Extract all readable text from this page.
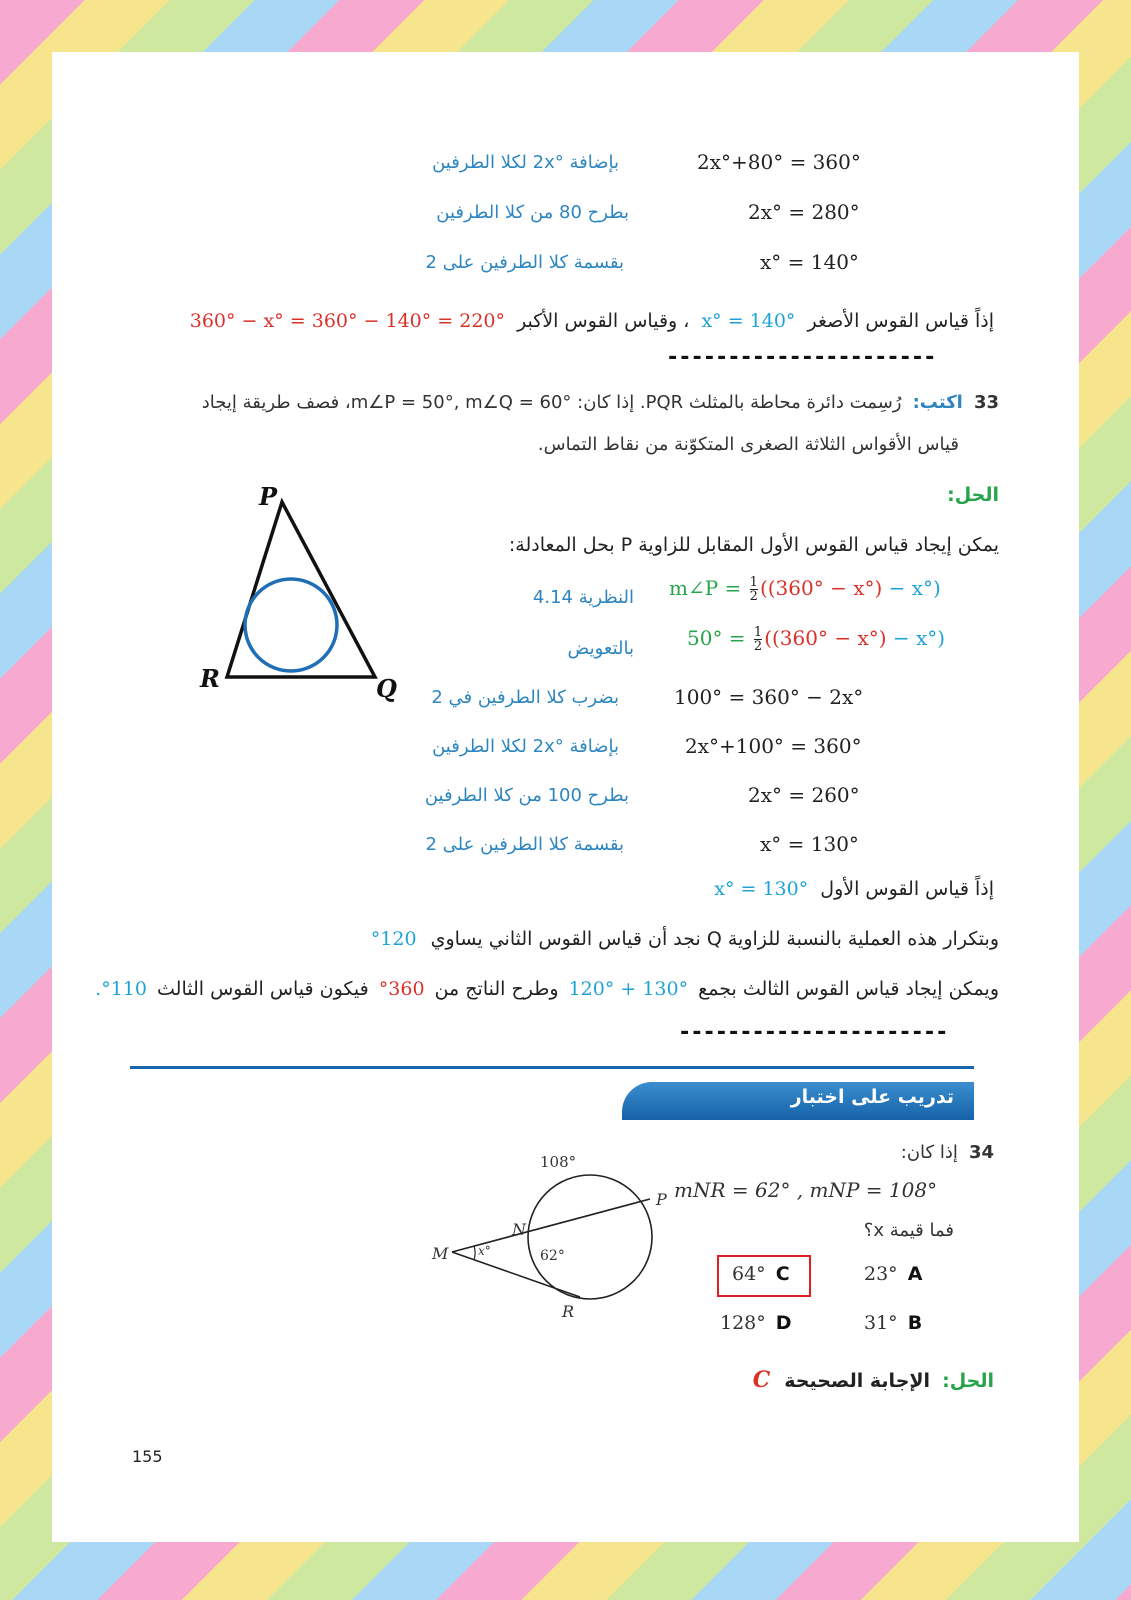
2x°+80° = 360°
بإضافة °2x لكلا الطرفين
2x° = 280°
بطرح 80 من كلا الطرفين
x° = 140°
بقسمة كلا الطرفين على 2
إذاً قياس القوس الأصغر x° = 140° ، وقياس القوس الأكبر 360° − x° = 360° − 140° = 220°
----------------------
33 اكتب: رُسِمت دائرة محاطة بالمثلث PQR. إذا كان: m∠P = 50°, m∠Q = 60°، فصف طريقة إيجاد
قياس الأقواس الثلاثة الصغرى المتكوّنة من نقاط التماس.
الحل:
يمكن إيجاد قياس القوس الأول المقابل للزاوية P بحل المعادلة:
m∠P = $\frac{1}{2} ((360^\circ - x^\circ) - x^\circ)$
النظرية 4.14
$50^\circ = \frac{1}{2} ((360^\circ - x^\circ) - x^\circ)$
بالتعويض
100° = 360° − 2x°
بضرب كلا الطرفين في 2
2x°+100° = 360°
بإضافة °2x لكلا الطرفين
2x° = 260°
بطرح 100 من كلا الطرفين
x° = 130°
بقسمة كلا الطرفين على 2
إذاً قياس القوس الأول x° = 130°
وبتكرار هذه العملية بالنسبة للزاوية Q نجد أن قياس القوس الثاني يساوي 120°
ويمكن إيجاد قياس القوس الثالث بجمع 120° + 130° وطرح الناتج من 360° فيكون قياس القوس الثالث 110°.
P
Q
R
----------------------
تدريب على اختبار
34 إذا كان:
mNR = 62° , mNP = 108°
فما قيمة x؟
23° A
31° B
64° C
128° D
الحل: الإجابة الصحيحة C
108°
P
N
M x°	62°
R
155
